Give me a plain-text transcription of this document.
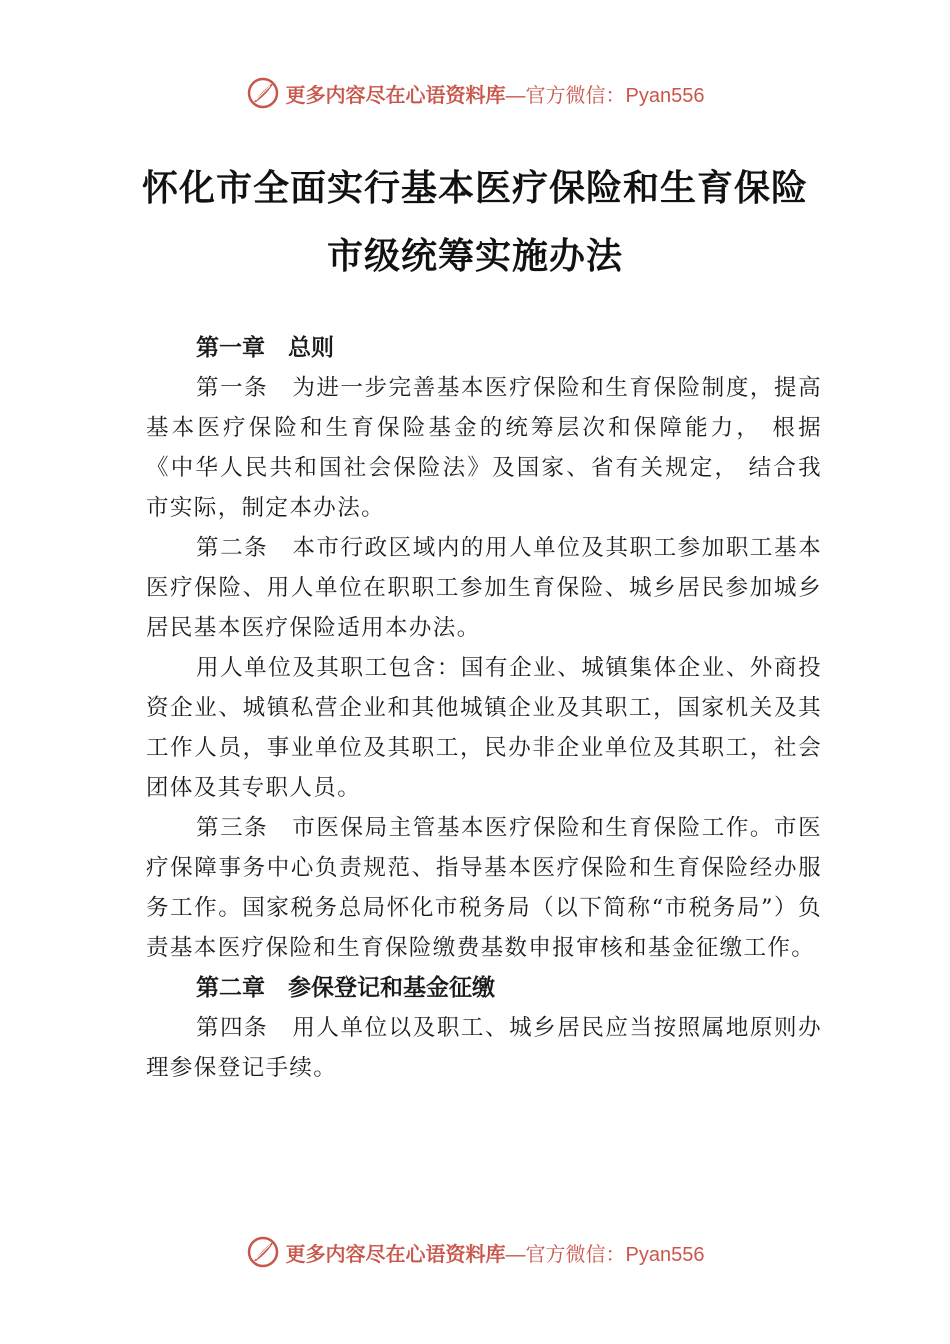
更多内容尽在心语资料库 —官方微信：Pyan556
怀化市全面实行基本医疗保险和生育保险
市级统筹实施办法

第一章　总则

第一条　为进一步完善基本医疗保险和生育保险制度，提高基本医疗保险和生育保险基金的统筹层次和保障能力， 根据《中华人民共和国社会保险法》及国家、省有关规定， 结合我市实际，制定本办法。

第二条　本市行政区域内的用人单位及其职工参加职工基本医疗保险、用人单位在职职工参加生育保险、城乡居民参加城乡居民基本医疗保险适用本办法。

用人单位及其职工包含：国有企业、城镇集体企业、外商投资企业、城镇私营企业和其他城镇企业及其职工，国家机关及其工作人员，事业单位及其职工，民办非企业单位及其职工，社会团体及其专职人员。

第三条　市医保局主管基本医疗保险和生育保险工作。市医疗保障事务中心负责规范、指导基本医疗保险和生育保险经办服务工作。国家税务总局怀化市税务局（以下简称“市税务局”）负责基本医疗保险和生育保险缴费基数申报审核和基金征缴工作。

第二章　参保登记和基金征缴

第四条　用人单位以及职工、城乡居民应当按照属地原则办理参保登记手续。

更多内容尽在心语资料库 —官方微信：Pyan556
